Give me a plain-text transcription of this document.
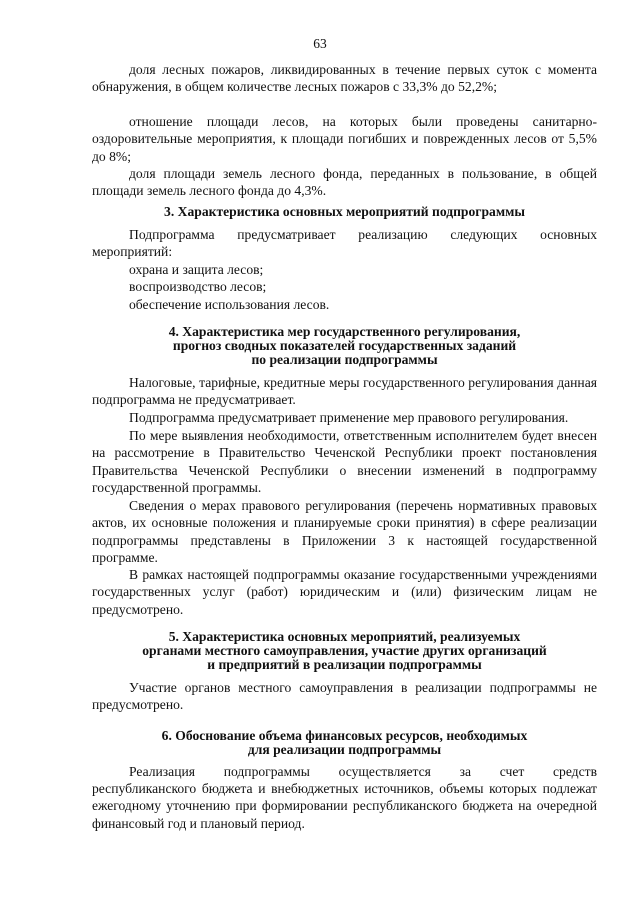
63
доля лесных пожаров, ликвидированных в течение первых суток с момента обнаружения, в общем количестве лесных пожаров с 33,3% до 52,2%;
отношение площади лесов, на которых были проведены санитарно-оздоровительные мероприятия, к площади погибших и поврежденных лесов от 5,5% до 8%;
доля площади земель лесного фонда, переданных в пользование, в общей площади земель лесного фонда до 4,3%.
3. Характеристика основных мероприятий подпрограммы
Подпрограмма предусматривает реализацию следующих основных мероприятий:
охрана и защита лесов;
воспроизводство лесов;
обеспечение использования лесов.
4. Характеристика мер государственного регулирования,
прогноз сводных показателей государственных заданий
по реализации подпрограммы
Налоговые, тарифные, кредитные меры государственного регулирования данная подпрограмма не предусматривает.
Подпрограмма предусматривает применение мер правового регулирования.
По мере выявления необходимости, ответственным исполнителем будет внесен на рассмотрение в Правительство Чеченской Республики проект постановления Правительства Чеченской Республики о внесении изменений в подпрограмму государственной программы.
Сведения о мерах правового регулирования (перечень нормативных правовых актов, их основные положения и планируемые сроки принятия) в сфере реализации подпрограммы представлены в Приложении 3 к настоящей государственной программе.
В рамках настоящей подпрограммы оказание государственными учреждениями государственных услуг (работ) юридическим и (или) физическим лицам не предусмотрено.
5. Характеристика основных мероприятий, реализуемых
органами местного самоуправления, участие других организаций
и предприятий в реализации подпрограммы
Участие органов местного самоуправления в реализации подпрограммы не предусмотрено.
6. Обоснование объема финансовых ресурсов, необходимых
для реализации подпрограммы
Реализация подпрограммы осуществляется за счет средств
республиканского бюджета и внебюджетных источников, объемы которых подлежат ежегодному уточнению при формировании республиканского бюджета на очередной финансовый год и плановый период.
